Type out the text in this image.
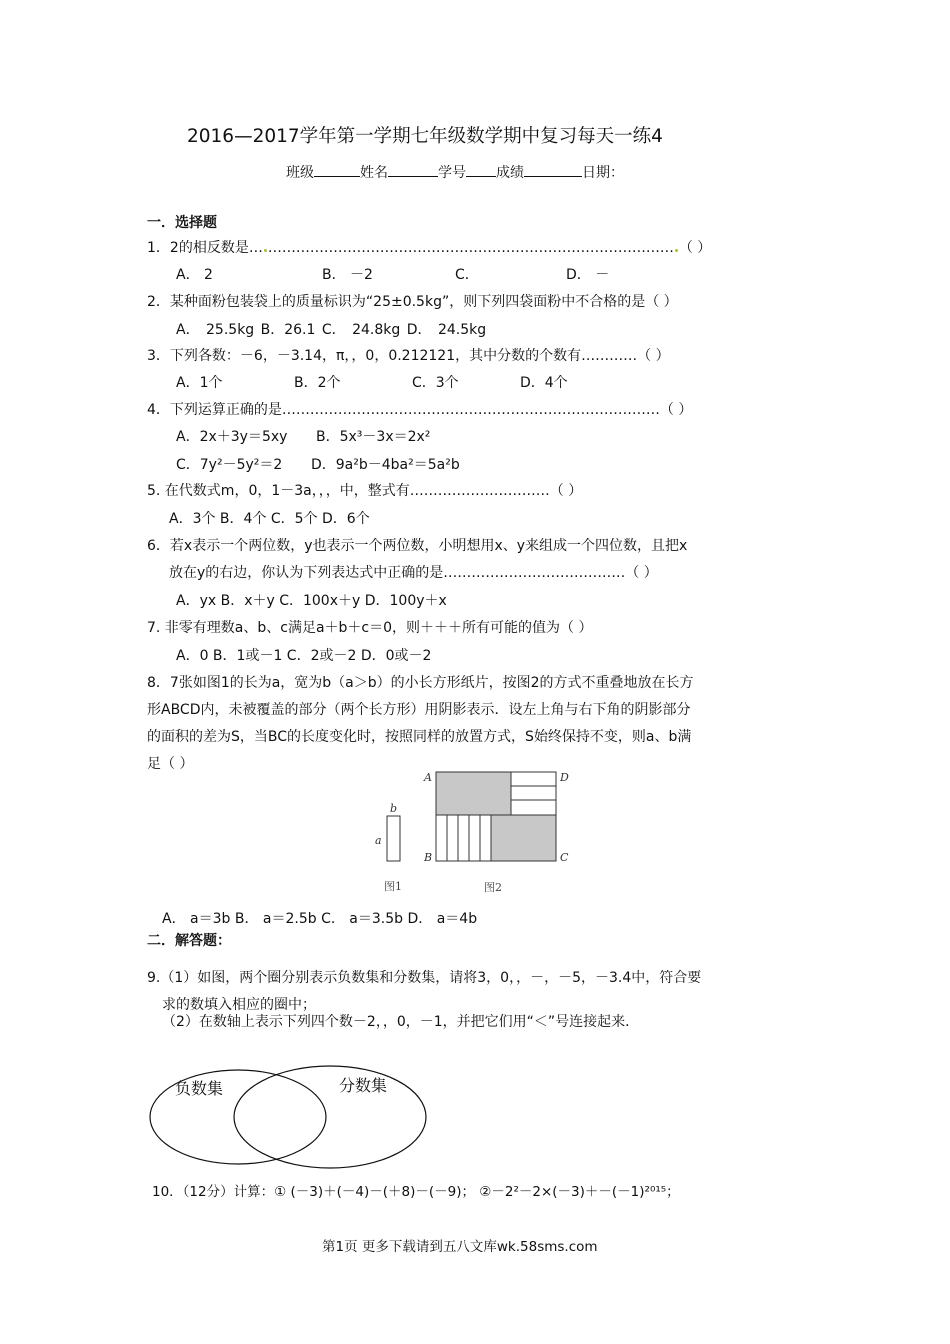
2016—2017学年第一学期七年级数学期中复习每天一练4
班级	姓名	学号 成绩	日期：
一．选择题
1．2的相反数是… …………………………………………………………………………… （ ）
A． 2	B． －2	C．	D． －
2．某种面粉包装袋上的质量标识为“25±0.5kg”，则下列四袋面粉中不合格的是（ ）
A． 25.5kg B．26.1 C． 24.8kg D． 24.5kg
3．下列各数：－6，－3.14，π，，0，0.212121，其中分数的个数有…………（ ）
A．1个	B．2个	C．3个	D．4个
4．下列运算正确的是………………………………………………………………………（ ）
A．2x＋3y＝5xy B．5x³－3x＝2x²
C．7y²－5y²＝2 D．9a²b－4ba²＝5a²b
5. 在代数式m，0，1－3a，，，中，整式有…………………………（ ）
A．3个 B．4个 C．5个 D．6个
6．若x表示一个两位数，y也表示一个两位数，小明想用x、y来组成一个四位数，且把x
放在y的右边，你认为下列表达式中正确的是…………………………………（ ）
A．yx B．x＋y C．100x＋y D．100y＋x
7. 非零有理数a、b、c满足a＋b＋c＝0，则＋＋＋所有可能的值为（ ）
A．0 B．1或－1 C．2或－2 D．0或－2
8．7张如图1的长为a，宽为b（a＞b）的小长方形纸片，按图2的方式不重叠地放在长方
形ABCD内，未被覆盖的部分（两个长方形）用阴影表示．设左上角与右下角的阴影部分
的面积的差为S，当BC的长度变化时，按照同样的放置方式，S始终保持不变，则a、b满
足（ ）
b
a
图1
A	D
B	C
图2
A． a＝3b B． a＝2.5b C． a＝3.5b D． a＝4b
二．解答题：
9.（1）如图，两个圈分别表示负数集和分数集，请将3，0，，－，－5，－3.4中，符合要
求的数填入相应的圈中；
（2）在数轴上表示下列四个数－2，，0，－1，并把它们用“＜”号连接起来．
负数集	分数集
10．（12分）计算：① (－3)＋(－4)－(＋8)－(－9)； ②－2²－2×(－3)＋－(－1)²⁰¹⁵；
第1页 更多下载请到五八文库wk.58sms.com
